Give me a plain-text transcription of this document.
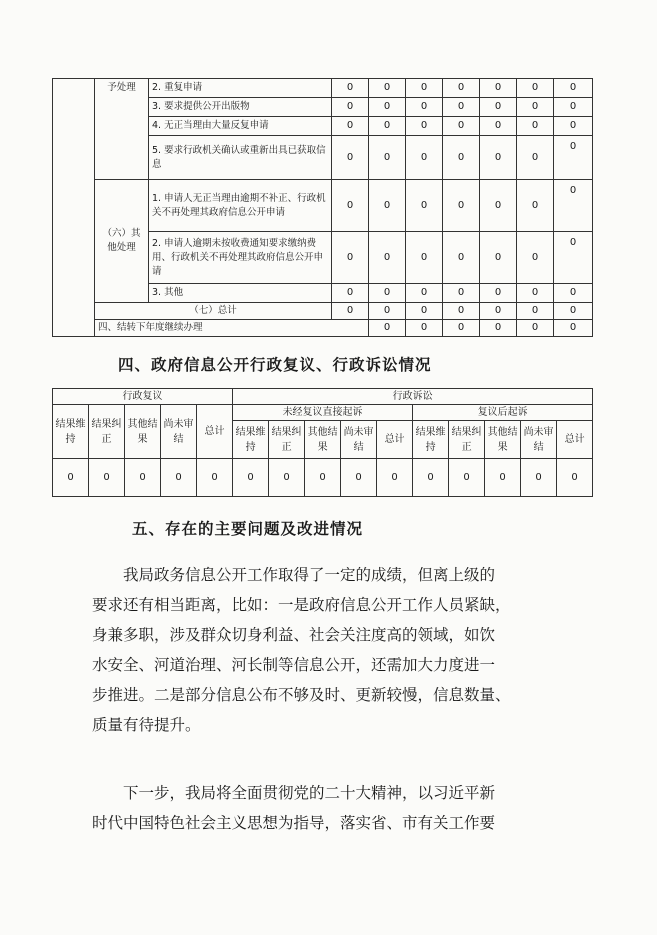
	予处理	2. 重复申请	0	0	0	0	0	0	0	
		3. 要求提供公开出版物	0	0	0	0	0	0	0	
		4. 无正当理由大量反复申请	0	0	0	0	0	0	0	
		5. 要求行政机关确认或重新出具已获取信息	0	0	0	0	0	0	0	
	（六）其他处理	1. 申请人无正当理由逾期不补正、行政机关不再处理其政府信息公开申请	0	0	0	0	0	0	0	
		2. 申请人逾期未按收费通知要求缴纳费用、行政机关不再处理其政府信息公开申请	0	0	0	0	0	0	0	
		3. 其他	0	0	0	0	0	0	0	
	（七）总计		0	0	0	0	0	0	0	
	四、结转下年度继续办理			0	0	0	0	0	0	
四、政府信息公开行政复议、行政诉讼情况
行政复议					行政诉讼									
结果维持	结果纠正	其他结果	尚未审结	总计	未经复议直接起诉					复议后起诉				
					结果维持	结果纠正	其他结果	尚未审结	总计	结果维持	结果纠正	其他结果	尚未审结	总计
0	0	0	0	0	0	0	0	0	0	0	0	0	0	0
五、存在的主要问题及改进情况
我局政务信息公开工作取得了一定的成绩，但离上级的
要求还有相当距离，比如：一是政府信息公开工作人员紧缺，
身兼多职，涉及群众切身利益、社会关注度高的领域，如饮
水安全、河道治理、河长制等信息公开，还需加大力度进一
步推进。二是部分信息公布不够及时、更新较慢，信息数量、
质量有待提升。
下一步，我局将全面贯彻党的二十大精神，以习近平新
时代中国特色社会主义思想为指导，落实省、市有关工作要
